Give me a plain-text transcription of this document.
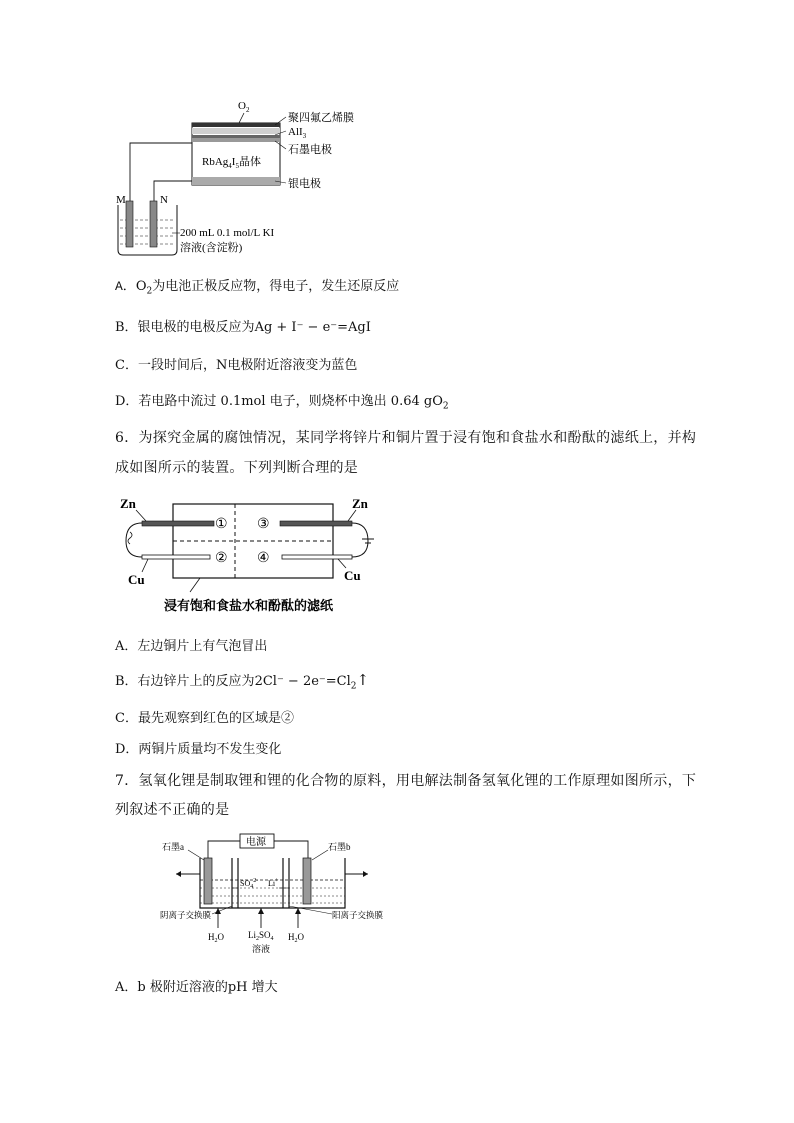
$O_2$
$RbAg_4I_5$晶体
聚四氟乙烯膜
AlI$_3$
石墨电极
银电极
M	N
200 mL 0.1 mol/L KI
溶液(含淀粉)
A．$O_2$为电池正极反应物，得电子，发生还原反应
B．银电极的电极反应为Ag + I⁻ − e⁻=AgI
C．一段时间后，N电极附近溶液变为蓝色
D．若电路中流过 0.1mol 电子，则烧杯中逸出 0.64 $gO_2$
6．为探究金属的腐蚀情况，某同学将锌片和铜片置于浸有饱和食盐水和酚酞的滤纸上，并构
成如图所示的装置。下列判断合理的是
Zn	Zn
Cu	Cu
①
②
③
④
浸有饱和食盐水和酚酞的滤纸
A．左边铜片上有气泡冒出
B．右边锌片上的反应为$2Cl^- - 2e^-=Cl_2↑$
C．最先观察到红色的区域是②
D．两铜片质量均不发生变化
7．氢氧化锂是制取锂和锂的化合物的原料，用电解法制备氢氧化锂的工作原理如图所示，下
列叙述不正确的是
电源
石墨a	石墨b
$SO_4^{2-}$ Li+
阴离子交换膜	阳离子交换膜
$H_2O$	$Li_2SO_4$
溶液
$H_2O$
A．b 极附近溶液的pH 增大
